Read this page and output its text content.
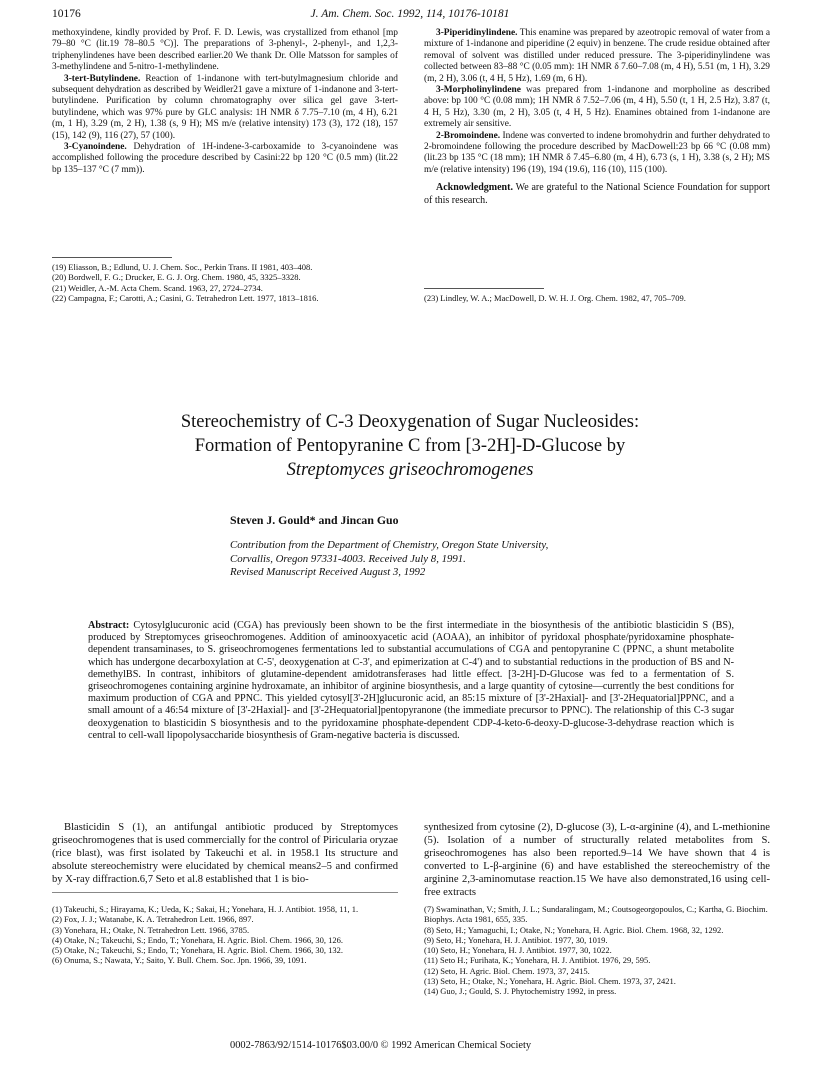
10176	J. Am. Chem. Soc. 1992, 114, 10176-10181

methoxyindene, kindly provided by Prof. F. D. Lewis, was crystallized from ethanol [mp 79–80 °C (lit.19 78–80.5 °C)]. The preparations of 3-phenyl-, 2-phenyl-, and 1,2,3-triphenylindenes have been described earlier.20 We thank Dr. Olle Matsson for samples of 3-methylindene and 5-nitro-1-methylindene.

3-tert-Butylindene. Reaction of 1-indanone with tert-butylmagnesium chloride and subsequent dehydration as described by Weidler21 gave a mixture of 1-indanone and 3-tert-butylindene. Purification by column chromatography over silica gel gave 3-tert-butylindene, which was 97% pure by GLC analysis: 1H NMR δ 7.75–7.10 (m, 4 H), 6.21 (m, 1 H), 3.29 (m, 2 H), 1.38 (s, 9 H); MS m/e (relative intensity) 173 (3), 172 (18), 157 (15), 142 (9), 116 (27), 57 (100).

3-Cyanoindene. Dehydration of 1H-indene-3-carboxamide to 3-cyanoindene was accomplished following the procedure described by Casini:22 bp 120 °C (0.5 mm) (lit.22 bp 135–137 °C (7 mm)).

(19) Eliasson, B.; Edlund, U. J. Chem. Soc., Perkin Trans. II 1981, 403–408.

(20) Bordwell, F. G.; Drucker, E. G. J. Org. Chem. 1980, 45, 3325–3328.

(21) Weidler, A.-M. Acta Chem. Scand. 1963, 27, 2724–2734.

(22) Campagna, F.; Carotti, A.; Casini, G. Tetrahedron Lett. 1977, 1813–1816.

3-Piperidinylindene. This enamine was prepared by azeotropic removal of water from a mixture of 1-indanone and piperidine (2 equiv) in benzene. The crude residue obtained after removal of solvent was distilled under reduced pressure. The 3-piperidinylindene was collected between 83–88 °C (0.05 mm): 1H NMR δ 7.60–7.08 (m, 4 H), 5.51 (m, 1 H), 3.29 (m, 2 H), 3.06 (t, 4 H, 5 Hz), 1.69 (m, 6 H).

3-Morpholinylindene was prepared from 1-indanone and morpholine as described above: bp 100 °C (0.08 mm); 1H NMR δ 7.52–7.06 (m, 4 H), 5.50 (t, 1 H, 2.5 Hz), 3.87 (t, 4 H, 5 Hz), 3.30 (m, 2 H), 3.05 (t, 4 H, 5 Hz). Enamines obtained from 1-indanone are extremely air sensitive.

2-Bromoindene. Indene was converted to indene bromohydrin and further dehydrated to 2-bromoindene following the procedure described by MacDowell:23 bp 66 °C (0.08 mm) (lit.23 bp 135 °C (18 mm); 1H NMR δ 7.45–6.80 (m, 4 H), 6.73 (s, 1 H), 3.38 (s, 2 H); MS m/e (relative intensity) 196 (19), 194 (19.6), 116 (10), 115 (100).

Acknowledgment. We are grateful to the National Science Foundation for support of this research.

(23) Lindley, W. A.; MacDowell, D. W. H. J. Org. Chem. 1982, 47, 705–709.

Stereochemistry of C-3 Deoxygenation of Sugar Nucleosides:
Formation of Pentopyranine C from [3-2H]-D-Glucose by
Streptomyces griseochromogenes
Steven J. Gould* and Jincan Guo
Contribution from the Department of Chemistry, Oregon State University,
Corvallis, Oregon 97331-4003. Received July 8, 1991.
Revised Manuscript Received August 3, 1992
Abstract: Cytosylglucuronic acid (CGA) has previously been shown to be the first intermediate in the biosynthesis of the antibiotic blasticidin S (BS), produced by Streptomyces griseochromogenes. Addition of aminooxyacetic acid (AOAA), an inhibitor of pyridoxal phosphate/pyridoxamine phosphate-dependent transaminases, to S. griseochromogenes fermentations led to substantial accumulations of CGA and pentopyranine C (PPNC, a shunt metabolite which has undergone decarboxylation at C-5', deoxygenation at C-3', and epimerization at C-4') and to substantial reductions in the production of BS and N-demethylBS. In contrast, inhibitors of glutamine-dependent amidotransferases had little effect. [3-2H]-D-Glucose was fed to a fermentation of S. griseochromogenes containing arginine hydroxamate, an inhibitor of arginine biosynthesis, and a large quantity of cytosine—currently the best conditions for maximum production of CGA and PPNC. This yielded cytosyl[3'-2H]glucuronic acid, an 85:15 mixture of [3'-2Haxial]- and [3'-2Hequatorial]PPNC, and a small amount of a 46:54 mixture of [3'-2Haxial]- and [3'-2Hequatorial]pentopyranone (the immediate precursor to PPNC). The relationship of this C-3 sugar deoxygenation to blasticidin S biosynthesis and to the pyridoxamine phosphate-dependent CDP-4-keto-6-deoxy-D-glucose-3-dehydrase reaction which is central to cell-wall lipopolysaccharide biosynthesis of Gram-negative bacteria is discussed.
Blasticidin S (1), an antifungal antibiotic produced by Streptomyces griseochromogenes that is used commercially for the control of Piricularia oryzae (rice blast), was first isolated by Takeuchi et al. in 1958.1 Its structure and absolute stereochemistry were elucidated by chemical means2–5 and confirmed by X-ray diffraction.6,7 Seto et al.8 established that 1 is bio-
synthesized from cytosine (2), D-glucose (3), L-α-arginine (4), and L-methionine (5). Isolation of a number of structurally related metabolites from S. griseochromogenes has also been reported.9–14 We have shown that 4 is converted to L-β-arginine (6) and have established the stereochemistry of the arginine 2,3-aminomutase reaction.15 We have also demonstrated,16 using cell-free extracts

(1) Takeuchi, S.; Hirayama, K.; Ueda, K.; Sakai, H.; Yonehara, H. J. Antibiot. 1958, 11, 1.

(2) Fox, J. J.; Watanabe, K. A. Tetrahedron Lett. 1966, 897.

(3) Yonehara, H.; Otake, N. Tetrahedron Lett. 1966, 3785.

(4) Otake, N.; Takeuchi, S.; Endo, T.; Yonehara, H. Agric. Biol. Chem. 1966, 30, 126.

(5) Otake, N.; Takeuchi, S.; Endo, T.; Yonehara, H. Agric. Biol. Chem. 1966, 30, 132.

(6) Onuma, S.; Nawata, Y.; Saito, Y. Bull. Chem. Soc. Jpn. 1966, 39, 1091.

(7) Swaminathan, V.; Smith, J. L.; Sundaralingam, M.; Coutsogeorgopoulos, C.; Kartha, G. Biochim. Biophys. Acta 1981, 655, 335.

(8) Seto, H.; Yamaguchi, I.; Otake, N.; Yonehara, H. Agric. Biol. Chem. 1968, 32, 1292.

(9) Seto, H.; Yonehara, H. J. Antibiot. 1977, 30, 1019.

(10) Seto, H.; Yonehara, H. J. Antibiot. 1977, 30, 1022.

(11) Seto H.; Furihata, K.; Yonehara, H. J. Antibiot. 1976, 29, 595.

(12) Seto, H. Agric. Biol. Chem. 1973, 37, 2415.

(13) Seto, H.; Otake, N.; Yonehara, H. Agric. Biol. Chem. 1973, 37, 2421.

(14) Guo, J.; Gould, S. J. Phytochemistry 1992, in press.

0002-7863/92/1514-10176$03.00/0 © 1992 American Chemical Society
